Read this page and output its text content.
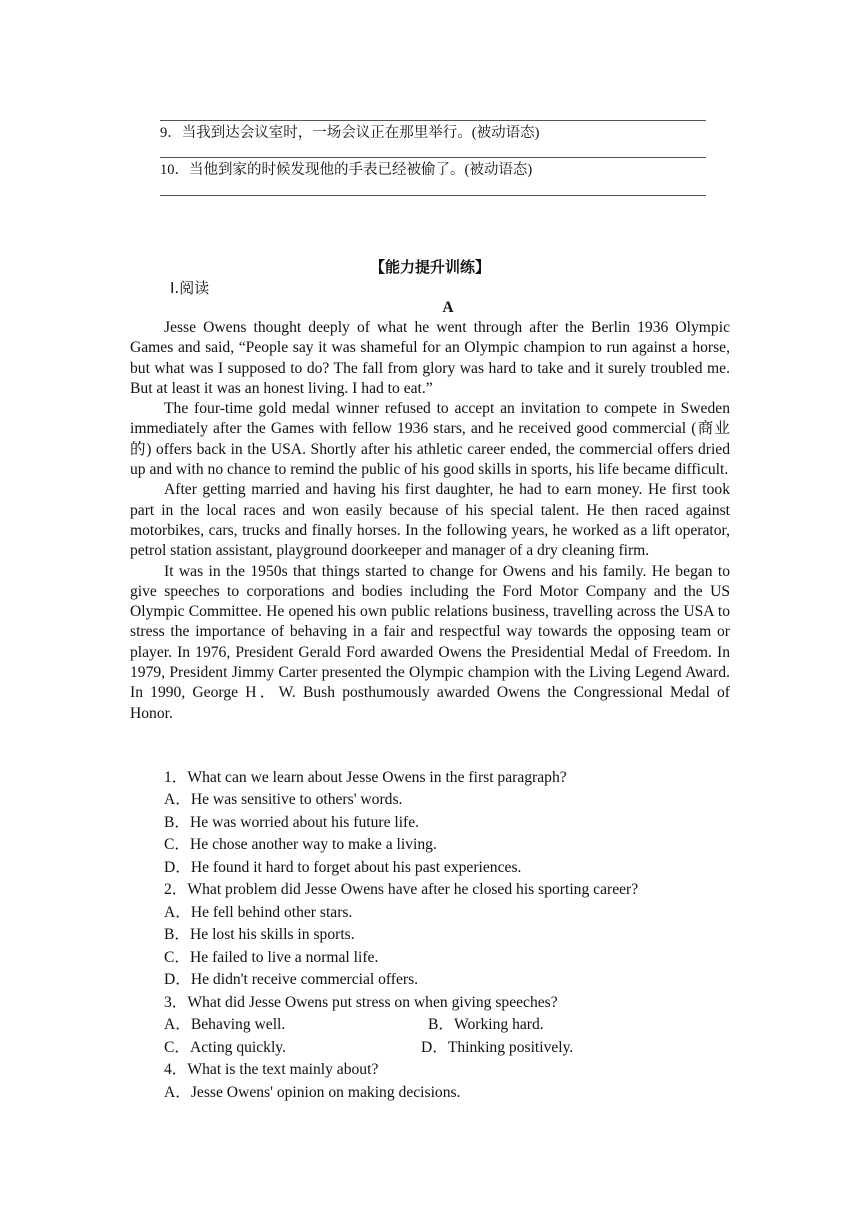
9．当我到达会议室时，一场会议正在那里举行。(被动语态)
10．当他到家的时候发现他的手表已经被偷了。(被动语态)
【能力提升训练】
Ⅰ.阅读
A

Jesse Owens thought deeply of what he went through after the Berlin 1936 Olympic Games and said, “People say it was shameful for an Olympic champion to run against a horse, but what was I supposed to do? The fall from glory was hard to take and it surely troubled me. But at least it was an honest living. I had to eat.”

The four-time gold medal winner refused to accept an invitation to compete in Sweden immediately after the Games with fellow 1936 stars, and he received good commercial (商业的) offers back in the USA. Shortly after his athletic career ended, the commercial offers dried up and with no chance to remind the public of his good skills in sports, his life became difficult.

After getting married and having his first daughter, he had to earn money. He first took part in the local races and won easily because of his special talent. He then raced against motorbikes, cars, trucks and finally horses. In the following years, he worked as a lift operator, petrol station assistant, playground doorkeeper and manager of a dry cleaning firm.

It was in the 1950s that things started to change for Owens and his family. He began to give speeches to corporations and bodies including the Ford Motor Company and the US Olympic Committee. He opened his own public relations business, travelling across the USA to stress the importance of behaving in a fair and respectful way towards the opposing team or player. In 1976, President Gerald Ford awarded Owens the Presidential Medal of Freedom. In 1979, President Jimmy Carter presented the Olympic champion with the Living Legend Award. In 1990, George H．W. Bush posthumously awarded Owens the Congressional Medal of Honor.

1．What can we learn about Jesse Owens in the first paragraph?
A．He was sensitive to others' words.
B．He was worried about his future life.
C．He chose another way to make a living.
D．He found it hard to forget about his past experiences.
2．What problem did Jesse Owens have after he closed his sporting career?
A．He fell behind other stars.
B．He lost his skills in sports.
C．He failed to live a normal life.
D．He didn't receive commercial offers.
3．What did Jesse Owens put stress on when giving speeches?
A．Behaving well.	B．Working hard.
C．Acting quickly.	D．Thinking positively.
4．What is the text mainly about?
A．Jesse Owens' opinion on making decisions.
